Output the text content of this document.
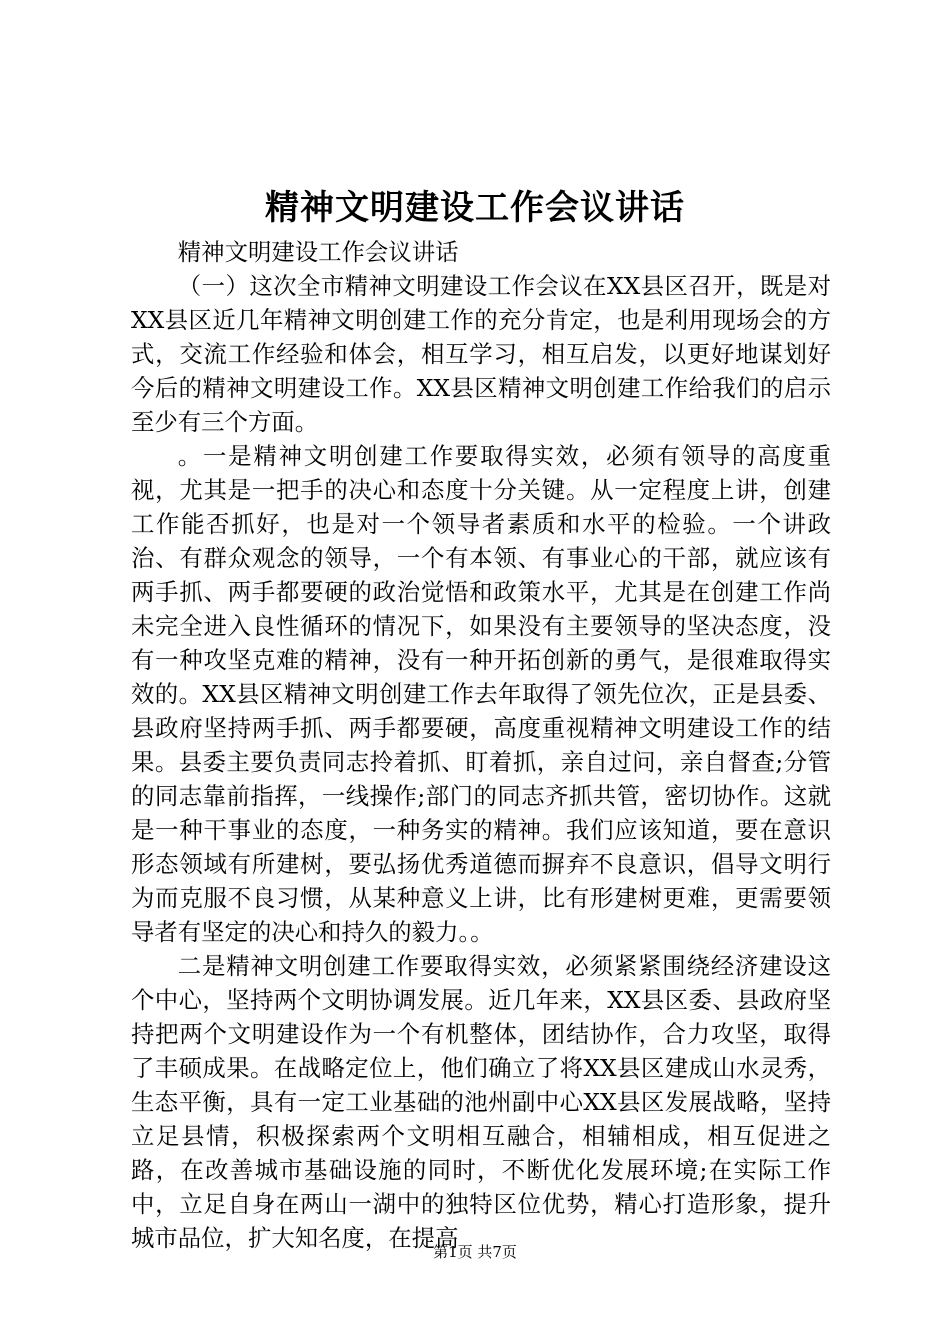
精神文明建设工作会议讲话

精神文明建设工作会议讲话

（一）这次全市精神文明建设工作会议在XX县区召开，既是对XX县区近几年精神文明创建工作的充分肯定，也是利用现场会的方式，交流工作经验和体会，相互学习，相互启发，以更好地谋划好今后的精神文明建设工作。XX县区精神文明创建工作给我们的启示至少有三个方面。

。一是精神文明创建工作要取得实效，必须有领导的高度重视，尤其是一把手的决心和态度十分关键。从一定程度上讲，创建工作能否抓好，也是对一个领导者素质和水平的检验。一个讲政治、有群众观念的领导，一个有本领、有事业心的干部，就应该有两手抓、两手都要硬的政治觉悟和政策水平，尤其是在创建工作尚未完全进入良性循环的情况下，如果没有主要领导的坚决态度，没有一种攻坚克难的精神，没有一种开拓创新的勇气，是很难取得实效的。XX县区精神文明创建工作去年取得了领先位次，正是县委、县政府坚持两手抓、两手都要硬，高度重视精神文明建设工作的结果。县委主要负责同志拎着抓、盯着抓，亲自过问，亲自督查;分管的同志靠前指挥，一线操作;部门的同志齐抓共管，密切协作。这就是一种干事业的态度，一种务实的精神。我们应该知道，要在意识形态领域有所建树，要弘扬优秀道德而摒弃不良意识，倡导文明行为而克服不良习惯，从某种意义上讲，比有形建树更难，更需要领导者有坚定的决心和持久的毅力。。

二是精神文明创建工作要取得实效，必须紧紧围绕经济建设这个中心，坚持两个文明协调发展。近几年来，XX县区委、县政府坚持把两个文明建设作为一个有机整体，团结协作，合力攻坚，取得了丰硕成果。在战略定位上，他们确立了将XX县区建成山水灵秀，生态平衡，具有一定工业基础的池州副中心XX县区发展战略，坚持立足县情，积极探索两个文明相互融合，相辅相成，相互促进之路，在改善城市基础设施的同时，不断优化发展环境;在实际工作中，立足自身在两山一湖中的独特区位优势，精心打造形象，提升城市品位，扩大知名度，在提高

第1页 共7页
